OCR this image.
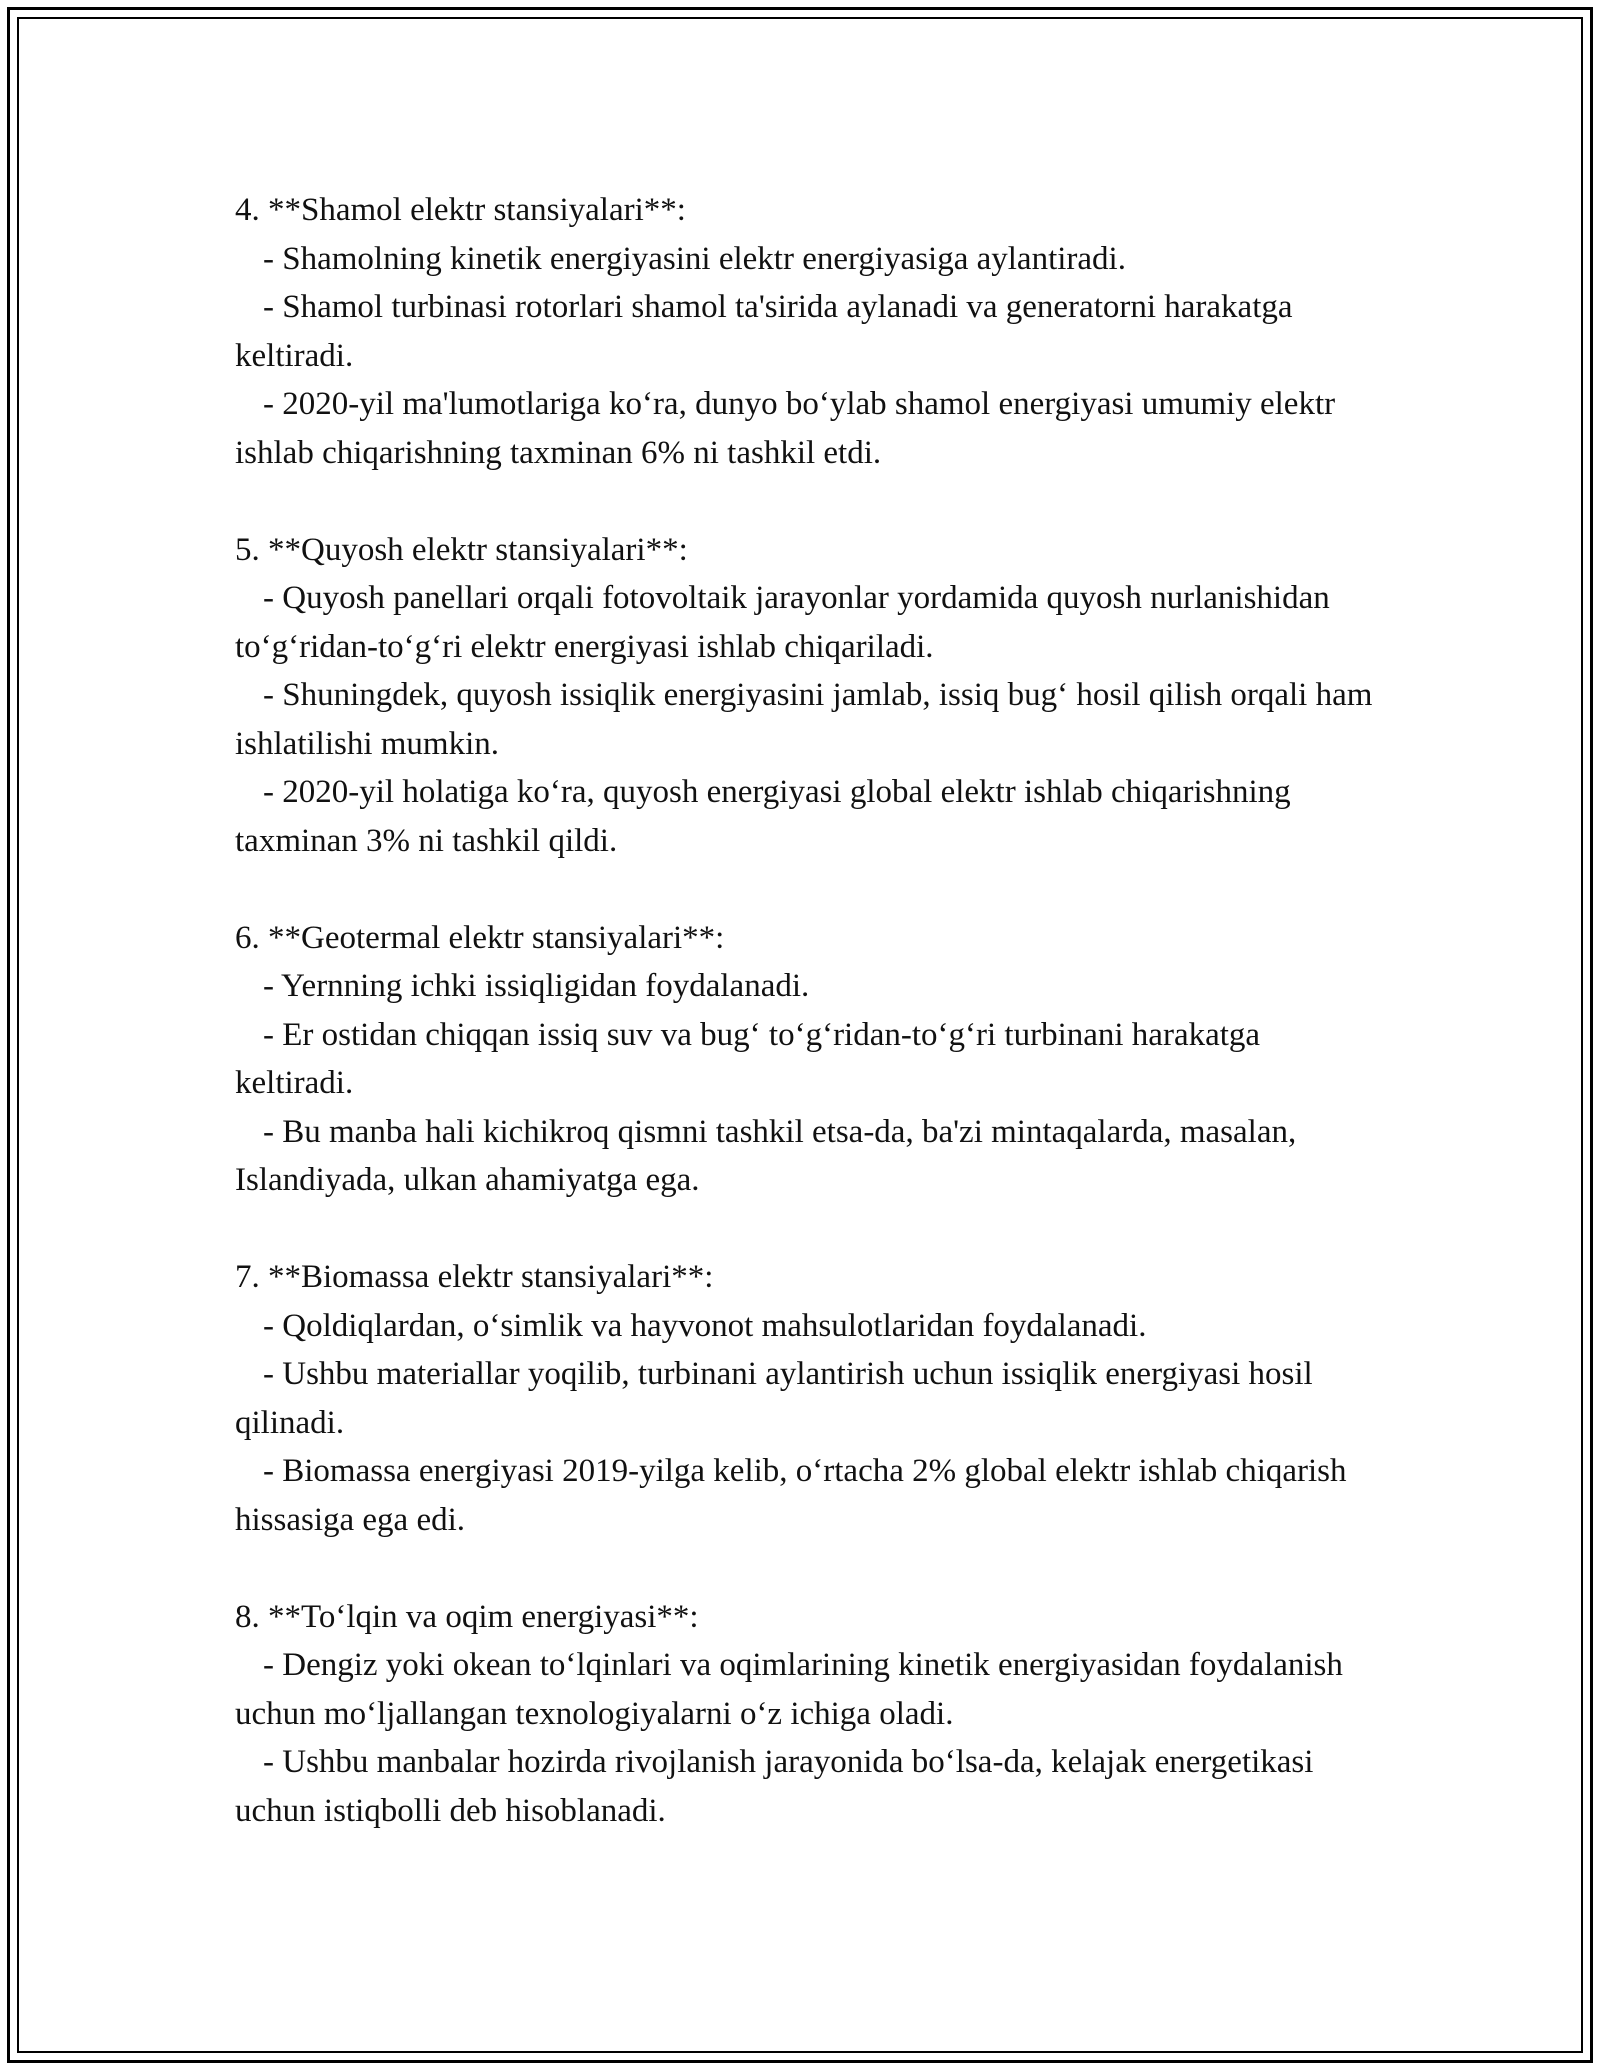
4. **Shamol elektr stansiyalari**:

- Shamolning kinetik energiyasini elektr energiyasiga aylantiradi.

- Shamol turbinasi rotorlari shamol ta'sirida aylanadi va generatorni harakatga keltiradi.

- 2020-yil ma'lumotlariga ko‘ra, dunyo bo‘ylab shamol energiyasi umumiy elektr ishlab chiqarishning taxminan 6% ni tashkil etdi.

5. **Quyosh elektr stansiyalari**:

- Quyosh panellari orqali fotovoltaik jarayonlar yordamida quyosh nurlanishidan to‘g‘ridan-to‘g‘ri elektr energiyasi ishlab chiqariladi.

- Shuningdek, quyosh issiqlik energiyasini jamlab, issiq bug‘ hosil qilish orqali ham ishlatilishi mumkin.

- 2020-yil holatiga ko‘ra, quyosh energiyasi global elektr ishlab chiqarishning taxminan 3% ni tashkil qildi.

6. **Geotermal elektr stansiyalari**:

- Yernning ichki issiqligidan foydalanadi.

- Er ostidan chiqqan issiq suv va bug‘ to‘g‘ridan-to‘g‘ri turbinani harakatga keltiradi.

- Bu manba hali kichikroq qismni tashkil etsa-da, ba'zi mintaqalarda, masalan, Islandiyada, ulkan ahamiyatga ega.

7. **Biomassa elektr stansiyalari**:

- Qoldiqlardan, o‘simlik va hayvonot mahsulotlaridan foydalanadi.

- Ushbu materiallar yoqilib, turbinani aylantirish uchun issiqlik energiyasi hosil qilinadi.

- Biomassa energiyasi 2019-yilga kelib, o‘rtacha 2% global elektr ishlab chiqarish hissasiga ega edi.

8. **To‘lqin va oqim energiyasi**:

- Dengiz yoki okean to‘lqinlari va oqimlarining kinetik energiyasidan foydalanish uchun mo‘ljallangan texnologiyalarni o‘z ichiga oladi.

- Ushbu manbalar hozirda rivojlanish jarayonida bo‘lsa-da, kelajak energetikasi uchun istiqbolli deb hisoblanadi.
